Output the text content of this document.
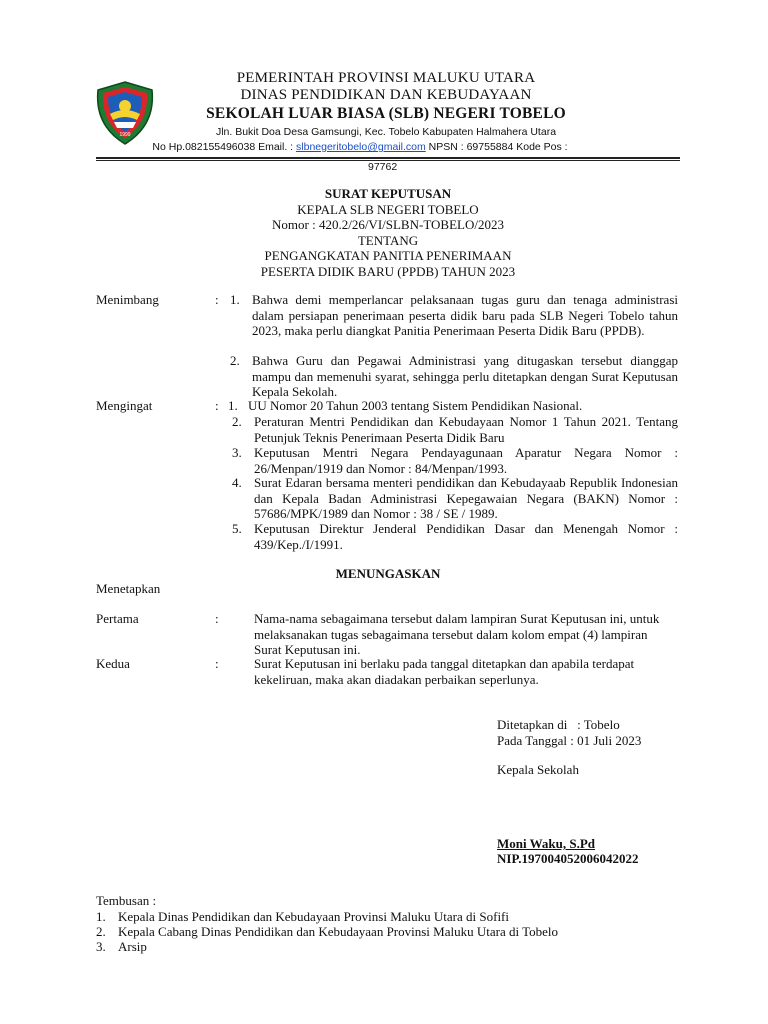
1999
PEMERINTAH PROVINSI MALUKU UTARA
DINAS PENDIDIKAN DAN KEBUDAYAAN
SEKOLAH LUAR BIASA (SLB) NEGERI TOBELO
Jln. Bukit Doa Desa Gamsungi, Kec. Tobelo Kabupaten Halmahera Utara
No Hp.082155496038 Email. : slbnegeritobelo@gmail.com NPSN : 69755884 Kode Pos :
97762
SURAT KEPUTUSAN
KEPALA SLB NEGERI TOBELO
Nomor : 420.2/26/VI/SLBN-TOBELO/2023
TENTANG
PENGANGKATAN PANITIA PENERIMAAN
PESERTA DIDIK BARU (PPDB) TAHUN 2023
Menimbang	: 1. Bahwa demi memperlancar pelaksanaan tugas guru dan tenaga administrasi dalam persiapan penerimaan peserta didik baru pada SLB Negeri Tobelo tahun 2023, maka perlu diangkat Panitia Penerimaan Peserta Didik Baru (PPDB).
2. Bahwa Guru dan Pegawai Administrasi yang ditugaskan tersebut dianggap mampu dan memenuhi syarat, sehingga perlu ditetapkan dengan Surat Keputusan Kepala Sekolah.
Mengingat	: 1. UU Nomor 20 Tahun 2003 tentang Sistem Pendidikan Nasional.
2. Peraturan Mentri Pendidikan dan Kebudayaan Nomor 1 Tahun 2021. Tentang Petunjuk Teknis Penerimaan Peserta Didik Baru
3. Keputusan Mentri Negara Pendayagunaan Aparatur Negara Nomor : 26/Menpan/1919 dan Nomor : 84/Menpan/1993.
4. Surat Edaran bersama menteri pendidikan dan Kebudayaab Republik Indonesian dan Kepala Badan Administrasi Kepegawaian Negara (BAKN) Nomor : 57686/MPK/1989 dan Nomor : 38 / SE / 1989.
5. Keputusan Direktur Jenderal Pendidikan Dasar dan Menengah Nomor : 439/Kep./I/1991.
MENUNGASKAN
Menetapkan
Pertama	:	Nama-nama sebagaimana tersebut dalam lampiran Surat Keputusan ini, untuk melaksanakan tugas sebagaimana tersebut dalam kolom empat (4) lampiran Surat Keputusan ini.
Kedua	:	Surat Keputusan ini berlaku pada tanggal ditetapkan dan apabila terdapat kekeliruan, maka akan diadakan perbaikan seperlunya.
Ditetapkan di   : Tobelo
Pada Tanggal : 01 Juli 2023
Kepala Sekolah
Moni Waku, S.Pd
NIP.197004052006042022
Tembusan :
1. Kepala Dinas Pendidikan dan Kebudayaan Provinsi Maluku Utara di Sofifi
2. Kepala Cabang Dinas Pendidikan dan Kebudayaan Provinsi Maluku Utara di Tobelo
3. Arsip
